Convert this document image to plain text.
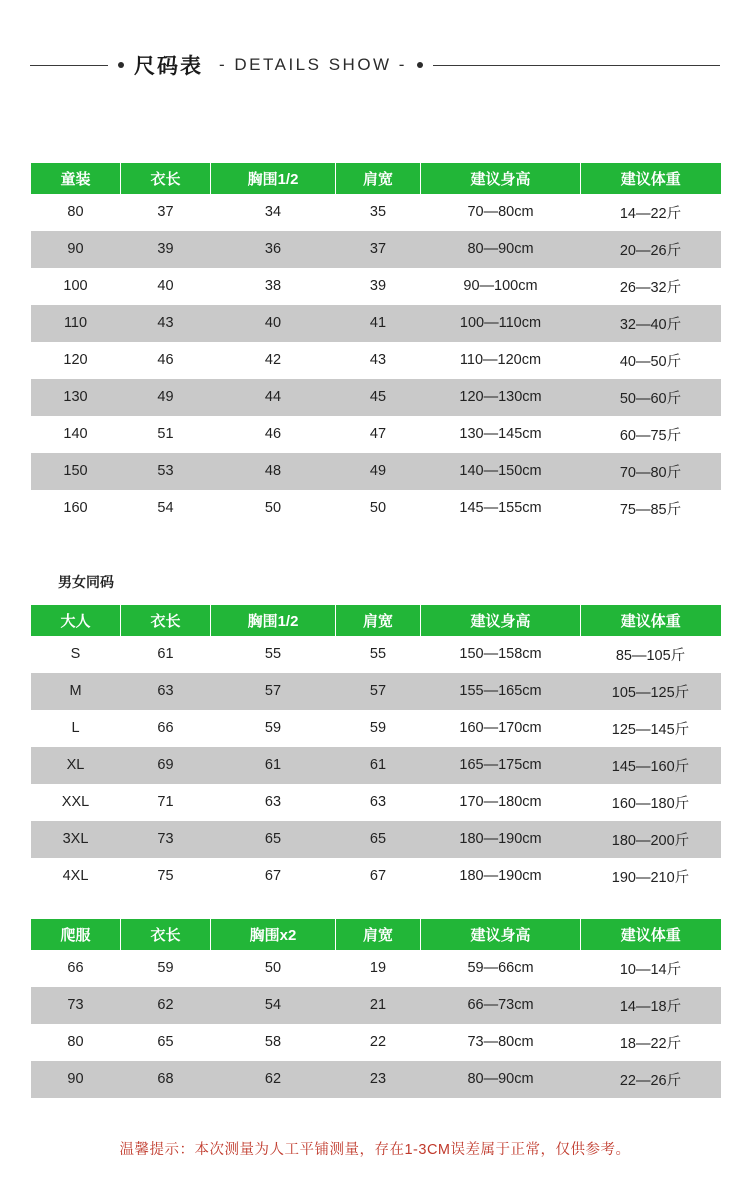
尺码表 - DETAILS SHOW -
童装	衣长	胸围1/2	肩宽	建议身高	建议体重
80	37	34	35	70—80cm	14—22斤
90	39	36	37	80—90cm	20—26斤
100	40	38	39	90—100cm	26—32斤
110	43	40	41	100—110cm	32—40斤
120	46	42	43	110—120cm	40—50斤
130	49	44	45	120—130cm	50—60斤
140	51	46	47	130—145cm	60—75斤
150	53	48	49	140—150cm	70—80斤
160	54	50	50	145—155cm	75—85斤
男女同码
大人	衣长	胸围1/2	肩宽	建议身高	建议体重
S	61	55	55	150—158cm	85—105斤
M	63	57	57	155—165cm	105—125斤
L	66	59	59	160—170cm	125—145斤
XL	69	61	61	165—175cm	145—160斤
XXL	71	63	63	170—180cm	160—180斤
3XL	73	65	65	180—190cm	180—200斤
4XL	75	67	67	180—190cm	190—210斤
爬服	衣长	胸围x2	肩宽	建议身高	建议体重
66	59	50	19	59—66cm	10—14斤
73	62	54	21	66—73cm	14—18斤
80	65	58	22	73—80cm	18—22斤
90	68	62	23	80—90cm	22—26斤
温馨提示：本次测量为人工平铺测量，存在1-3CM误差属于正常，仅供参考。
